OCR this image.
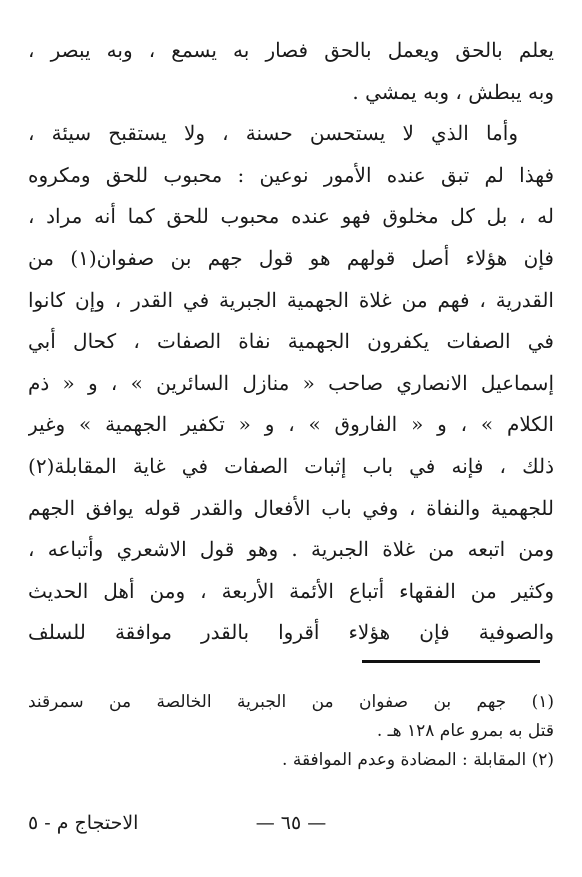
يعلم بالحق ويعمل بالحق فصار به يسمع ، وبه يبصر ،
وبه يبطش ، وبه يمشي .
وأما الذي لا يستحسن حسنة ، ولا يستقبح سيئة ،
فهذا لم تبق عنده الأمور نوعين : محبوب للحق ومكروه
له ، بل كل مخلوق فهو عنده محبوب للحق كما أنه مراد ،
فإن هؤلاء أصل قولهم هو قول جهم بن صفوان(١) من
القدرية ، فهم من غلاة الجهمية الجبرية في القدر ، وإن كانوا
في الصفات يكفرون الجهمية نفاة الصفات ، كحال أبي
إسماعيل الانصاري صاحب « منازل السائرين » ، و « ذم
الكلام » ، و « الفاروق » ، و « تكفير الجهمية » وغير
ذلك ، فإنه في باب إثبات الصفات في غاية المقابلة(٢)
للجهمية والنفاة ، وفي باب الأفعال والقدر قوله يوافق الجهم
ومن اتبعه من غلاة الجبرية . وهو قول الاشعري وأتباعه ،
وكثير من الفقهاء أتباع الأئمة الأربعة ، ومن أهل الحديث
والصوفية فإن هؤلاء أقروا بالقدر موافقة للسلف
(١) جهم بن صفوان من الجبرية الخالصة من سمرقند
قتل به بمرو عام ١٢٨ هـ .
(٢) المقابلة : المضادة وعدم الموافقة .
— ٦٥ —
الاحتجاج م - ٥
